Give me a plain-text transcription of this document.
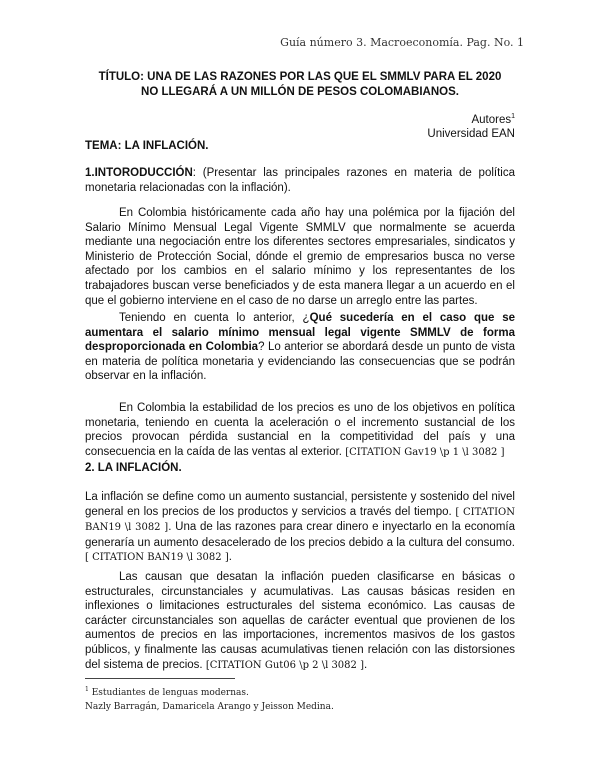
Guía número 3. Macroeconomía. Pag. No. 1
TÍTULO: UNA DE LAS RAZONES POR LAS QUE EL SMMLV PARA EL 2020
NO LLEGARÁ A UN MILLÓN DE PESOS COLOMABIANOS.
Autores$^1$
Universidad EAN
TEMA: LA INFLACIÓN.
1.INTORODUCCIÓN: (Presentar las principales razones en materia de política monetaria relacionadas con la inflación).
En Colombia históricamente cada año hay una polémica por la fijación del Salario Mínimo Mensual Legal Vigente SMMLV que normalmente se acuerda mediante una negociación entre los diferentes sectores empresariales, sindicatos y Ministerio de Protección Social, dónde el gremio de empresarios busca no verse afectado por los cambios en el salario mínimo y los representantes de los trabajadores buscan verse beneficiados y de esta manera llegar a un acuerdo en el que el gobierno interviene en el caso de no darse un arreglo entre las partes.
Teniendo en cuenta lo anterior, ¿Qué sucedería en el caso que se aumentara el salario mínimo mensual legal vigente SMMLV de forma desproporcionada en Colombia? Lo anterior se abordará desde un punto de vista en materia de política monetaria y evidenciando las consecuencias que se podrán observar en la inflación.
En Colombia la estabilidad de los precios es uno de los objetivos en política monetaria, teniendo en cuenta la aceleración o el incremento sustancial de los precios provocan pérdida sustancial en la competitividad del país y una consecuencia en la caída de las ventas al exterior. [CITATION Gav19 \p 1 \l 3082 ]
2. LA INFLACIÓN.
La inflación se define como un aumento sustancial, persistente y sostenido del nivel general en los precios de los productos y servicios a través del tiempo. [ CITATION BAN19 \l 3082 ]. Una de las razones para crear dinero e inyectarlo en la economía generaría un aumento desacelerado de los precios debido a la cultura del consumo. [ CITATION BAN19 \l 3082 ].
Las causan que desatan la inflación pueden clasificarse en básicas o estructurales, circunstanciales y acumulativas. Las causas básicas residen en inflexiones o limitaciones estructurales del sistema económico. Las causas de carácter circunstanciales son aquellas de carácter eventual que provienen de los aumentos de precios en las importaciones, incrementos masivos de los gastos públicos, y finalmente las causas acumulativas tienen relación con las distorsiones del sistema de precios. [CITATION Gut06 \p 2 \l 3082 ].
$^1$ Estudiantes de lenguas modernas.
Nazly Barragán, Damaricela Arango y Jeisson Medina.
